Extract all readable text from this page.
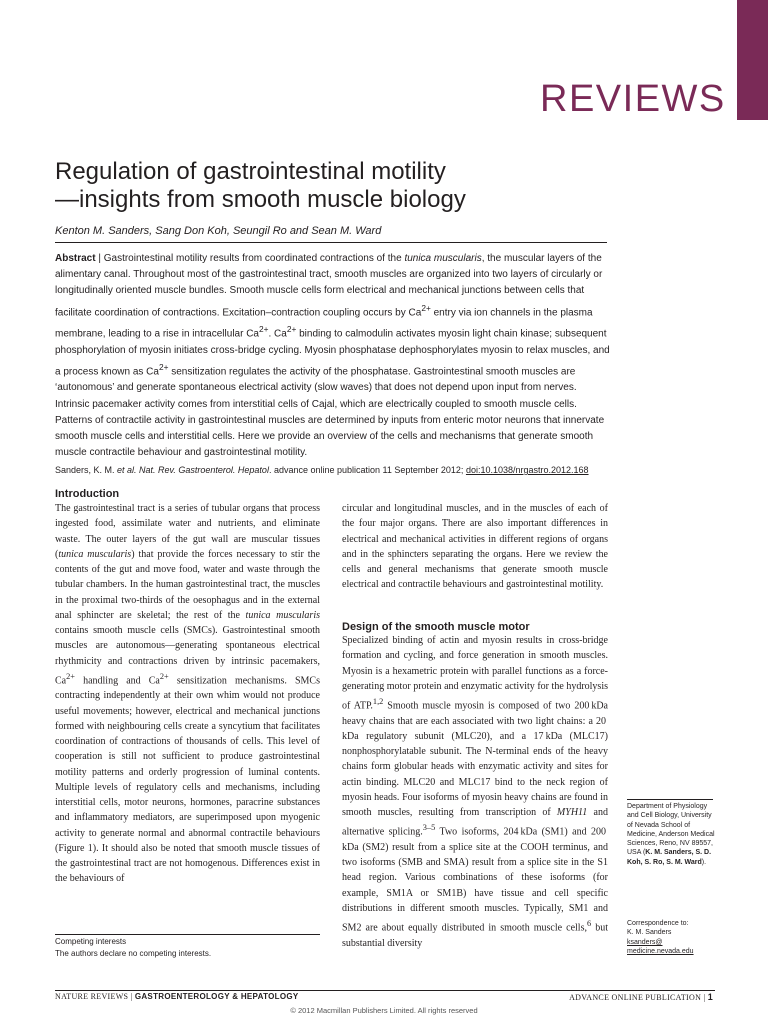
REVIEWS
Regulation of gastrointestinal motility
—insights from smooth muscle biology
Kenton M. Sanders, Sang Don Koh, Seungil Ro and Sean M. Ward

Abstract | Gastrointestinal motility results from coordinated contractions of the tunica muscularis, the muscular layers of the alimentary canal. Throughout most of the gastrointestinal tract, smooth muscles are organized into two layers of circularly or longitudinally oriented muscle bundles. Smooth muscle cells form electrical and mechanical junctions between cells that facilitate coordination of contractions. Excitation–contraction coupling occurs by $Ca^{2+}$ entry via ion channels in the plasma membrane, leading to a rise in intracellular $Ca^{2+}$. $Ca^{2+}$ binding to calmodulin activates myosin light chain kinase; subsequent phosphorylation of myosin initiates cross-bridge cycling. Myosin phosphatase dephosphorylates myosin to relax muscles, and a process known as $Ca^{2+}$ sensitization regulates the activity of the phosphatase. Gastrointestinal smooth muscles are ‘autonomous’ and generate spontaneous electrical activity (slow waves) that does not depend upon input from nerves. Intrinsic pacemaker activity comes from interstitial cells of Cajal, which are electrically coupled to smooth muscle cells. Patterns of contractile activity in gastrointestinal muscles are determined by inputs from enteric motor neurons that innervate smooth muscle cells and interstitial cells. Here we provide an overview of the cells and mechanisms that generate smooth muscle contractile behaviour and gastrointestinal motility.

Sanders, K. M. et al. Nat. Rev. Gastroenterol. Hepatol. advance online publication 11 September 2012; doi:10.1038/nrgastro.2012.168
Introduction

The gastrointestinal tract is a series of tubular organs that process ingested food, assimilate water and nutrients, and eliminate waste. The outer layers of the gut wall are muscular tissues (tunica muscularis) that provide the forces necessary to stir the contents of the gut and move food, water and waste through the tubular chambers. In the human gastrointestinal tract, the muscles in the proximal two-thirds of the oesophagus and in the external anal sphincter are skeletal; the rest of the tunica muscularis contains smooth muscle cells (SMCs). Gastrointestinal smooth muscles are autonomous—generating spontaneous electrical rhythmicity and contractions driven by intrinsic pacemakers, $Ca^{2+}$ handling and $Ca^{2+}$ sensitization mechanisms. SMCs contracting independently at their own whim would not produce useful movements; however, electrical and mechanical junctions formed with neighbouring cells create a syncytium that facilitates coordination of contractions of thousands of cells. This level of cooperation is still not sufficient to produce gastrointestinal motility patterns and orderly progression of luminal contents. Multiple levels of regulatory cells and mechanisms, including interstitial cells, motor neurons, hormones, paracrine substances and inflammatory mediators, are superimposed upon myogenic activity to generate normal and abnormal contractile behaviours (Figure 1). It should also be noted that smooth muscle tissues of the gastrointestinal tract are not homogenous. Differences exist in the behaviours of

circular and longitudinal muscles, and in the muscles of each of the four major organs. There are also important differences in electrical and mechanical activities in different regions of organs and in the sphincters separating the organs. Here we review the cells and general mechanisms that generate smooth muscle electrical and contractile behaviours and gastrointestinal motility.

Design of the smooth muscle motor

Specialized binding of actin and myosin results in cross-bridge formation and cycling, and force generation in smooth muscles. Myosin is a hexametric protein with parallel functions as a force-generating motor protein and enzymatic activity for the hydrolysis of ATP.$^{1,2}$ Smooth muscle myosin is composed of two 200 kDa heavy chains that are each associated with two light chains: a 20 kDa regulatory subunit (MLC20), and a 17 kDa (MLC17) nonphosphorylatable subunit. The N-terminal ends of the heavy chains form globular heads with enzymatic activity and sites for actin binding. MLC20 and MLC17 bind to the neck region of myosin heads. Four isoforms of myosin heavy chains are found in smooth muscles, resulting from transcription of MYH11 and alternative splicing.$^{3-5}$ Two isoforms, 204 kDa (SM1) and 200 kDa (SM2) result from a splice site at the COOH terminus, and two isoforms (SMB and SMA) result from a splice site in the S1 head region. Various combinations of these isoforms (for example, SM1A or SM1B) have tissue and cell specific distributions in different smooth muscles. Typically, SM1 and SM2 are about equally distributed in smooth muscle cells,$^6$ but substantial diversity

Competing interests
The authors declare no competing interests.
Department of Physiology and Cell Biology, University of Nevada School of Medicine, Anderson Medical Sciences, Reno, NV 89557, USA (K. M. Sanders, S. D. Koh, S. Ro, S. M. Ward).
Correspondence to:
K. M. Sanders
ksanders@
medicine.nevada.edu
NATURE REVIEWS | GASTROENTEROLOGY & HEPATOLOGY	ADVANCE ONLINE PUBLICATION | 1
© 2012 Macmillan Publishers Limited. All rights reserved
